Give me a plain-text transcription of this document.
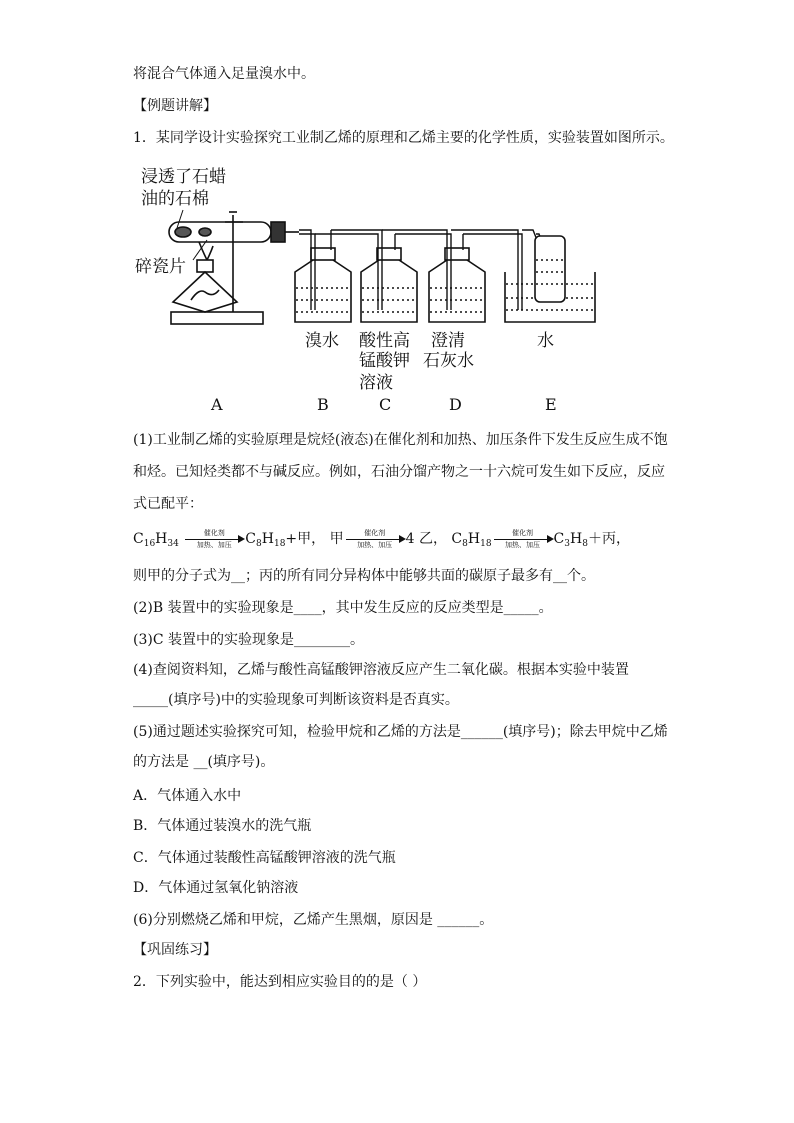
将混合气体通入足量溴水中。
【例题讲解】
1．某同学设计实验探究工业制乙烯的原理和乙烯主要的化学性质，实验装置如图所示。
浸透了石蜡
油的石棉
碎瓷片
溴水 酸性高
锰酸钾
溶液
澄清
石灰水
水
A	B	C	D	E
(1)工业制乙烯的实验原理是烷烃(液态)在催化剂和加热、加压条件下发生反应生成不饱
和烃。已知烃类都不与碱反应。例如，石油分馏产物之一十六烷可发生如下反应，反应
式已配平：
$C_{16}H_{34}$
催化剂
加热、加压 $C_8H_{18}+$甲， 甲	催化剂
加热、加压 4 乙， $C_8H_{18}$
催化剂
加热、加压 $C_3H_8+$丙，
则甲的分子式为__；丙的所有同分异构体中能够共面的碳原子最多有__个。
(2)B 装置中的实验现象是____，其中发生反应的反应类型是_____。
(3)C 装置中的实验现象是________。
(4)查阅资料知，乙烯与酸性高锰酸钾溶液反应产生二氧化碳。根据本实验中装置
_____(填序号)中的实验现象可判断该资料是否真实。
(5)通过题述实验探究可知，检验甲烷和乙烯的方法是______(填序号)；除去甲烷中乙烯
的方法是 __(填序号)。
A．气体通入水中
B．气体通过装溴水的洗气瓶
C．气体通过装酸性高锰酸钾溶液的洗气瓶
D．气体通过氢氧化钠溶液
(6)分别燃烧乙烯和甲烷，乙烯产生黑烟，原因是 ______。
【巩固练习】
2．下列实验中，能达到相应实验目的的是（ ）
